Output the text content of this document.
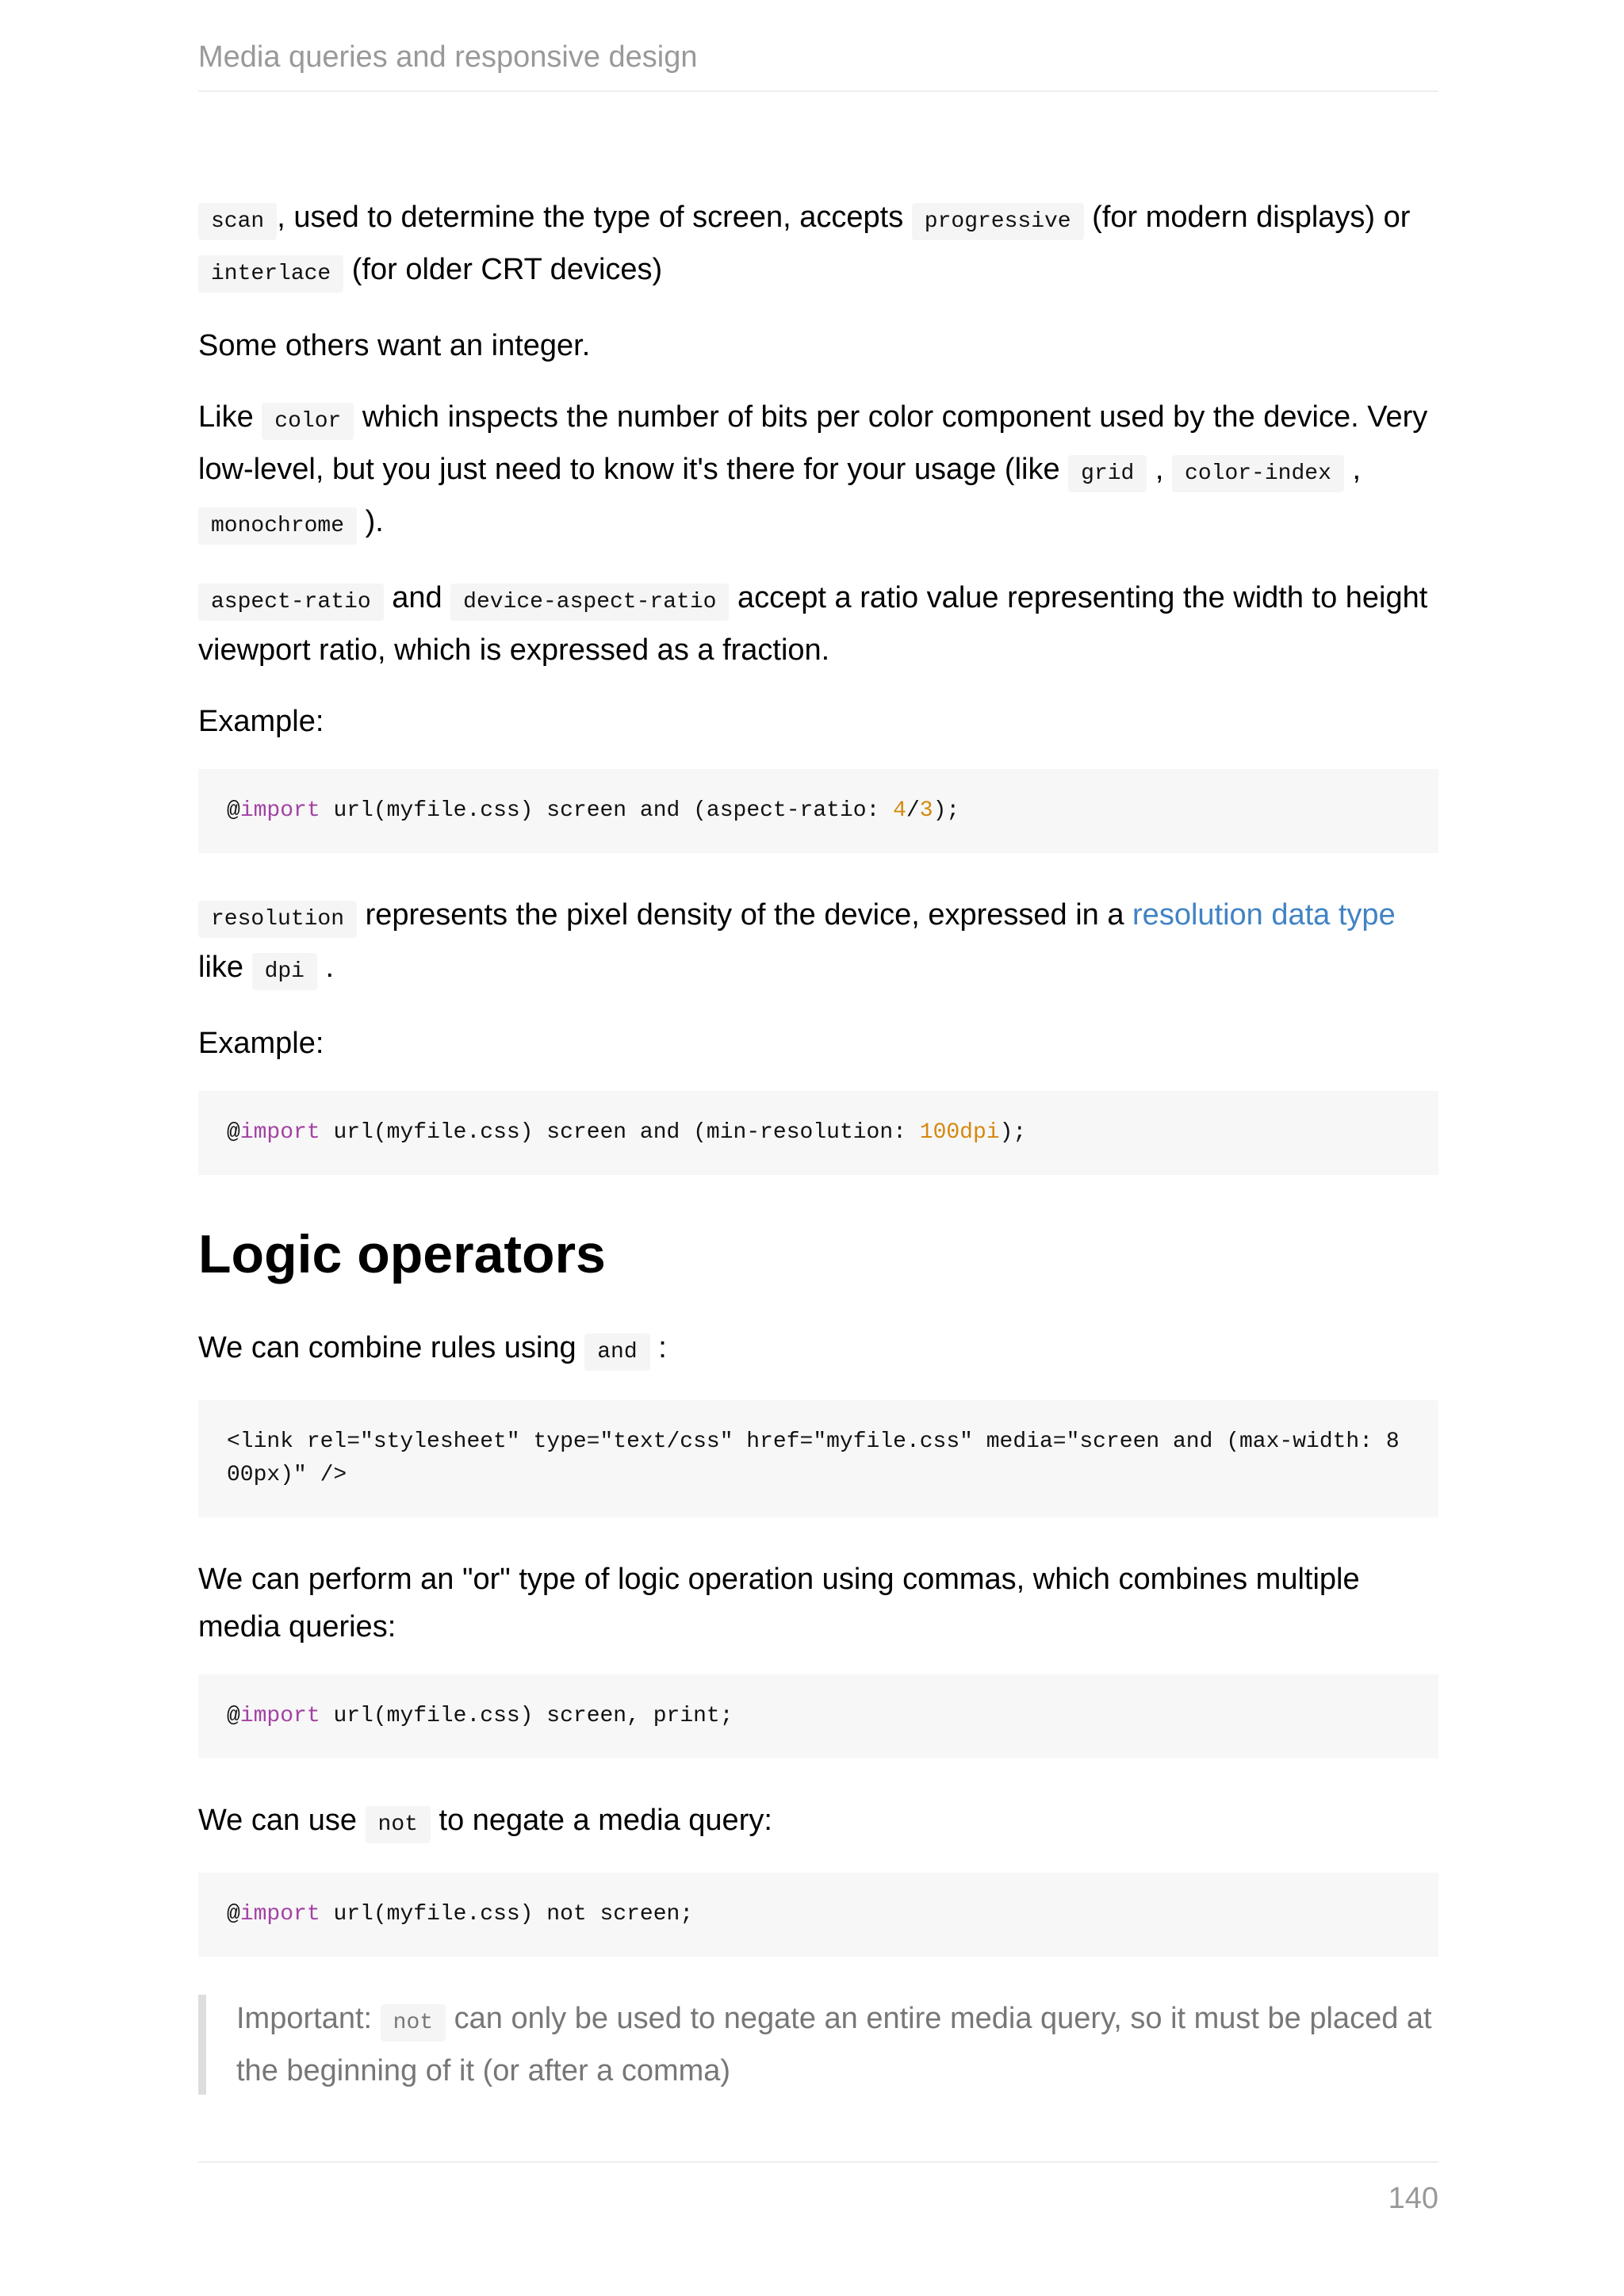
Media queries and responsive design

scan , used to determine the type of screen, accepts progressive (for modern displays) or interlace (for older CRT devices)

Some others want an integer.

Like color which inspects the number of bits per color component used by the device. Very low-level, but you just need to know it's there for your usage (like grid , color-index , monochrome ).

aspect-ratio and device-aspect-ratio accept a ratio value representing the width to height viewport ratio, which is expressed as a fraction.

Example:

@import url(myfile.css) screen and (aspect-ratio: 4/3);

resolution represents the pixel density of the device, expressed in a resolution data type like dpi .

Example:

@import url(myfile.css) screen and (min-resolution: 100dpi);
Logic operators

We can combine rules using and :

<link rel="stylesheet" type="text/css" href="myfile.css" media="screen and (max-width: 800px)" />

We can perform an "or" type of logic operation using commas, which combines multiple media queries:

@import url(myfile.css) screen, print;

We can use not to negate a media query:

@import url(myfile.css) not screen;

Important: not can only be used to negate an entire media query, so it must be placed at the beginning of it (or after a comma)

140
